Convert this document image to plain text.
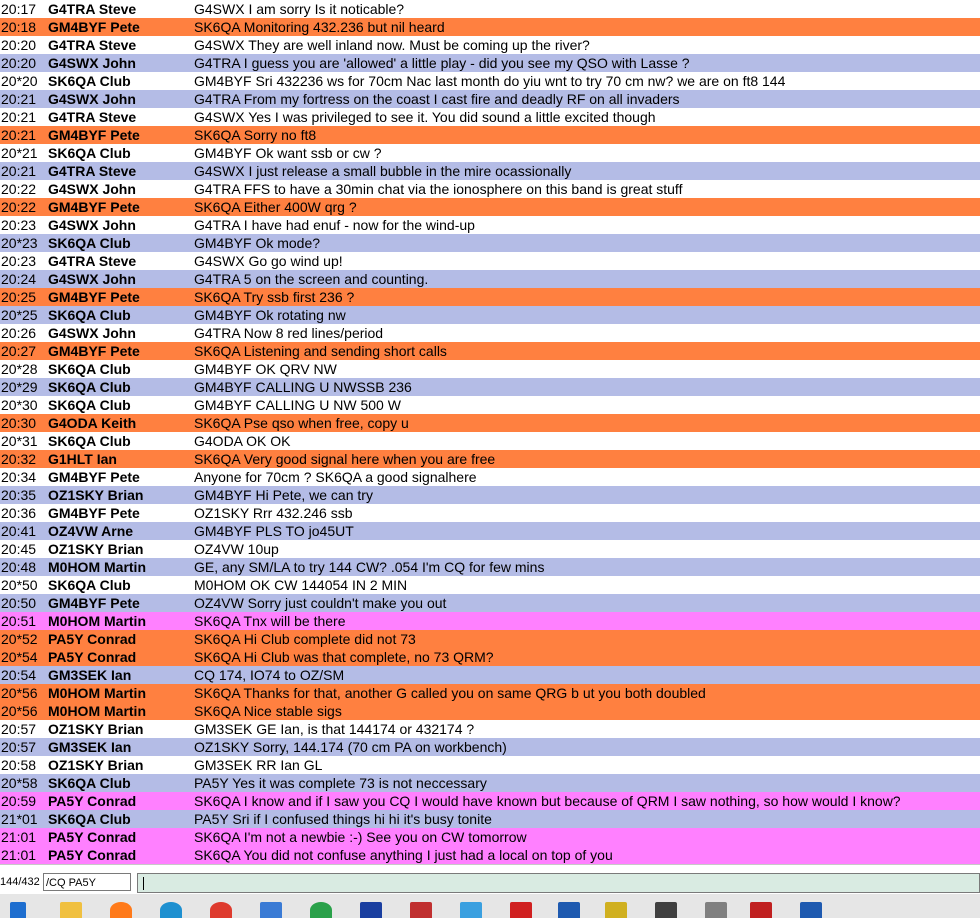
20:17 G4TRA Steve	G4SWX I am sorry Is it noticable?
20:18 GM4BYF Pete	SK6QA Monitoring 432.236 but nil heard
20:20 G4TRA Steve	G4SWX They are well inland now. Must be coming up the river?
20:20 G4SWX John	G4TRA I guess you are 'allowed' a little play - did you see my QSO with Lasse ?
20*20 SK6QA Club	GM4BYF Sri 432236 ws for 70cm Nac last month do yiu wnt to try 70 cm nw? we are on ft8 144
20:21 G4SWX John	G4TRA From my fortress on the coast I cast fire and deadly RF on all invaders
20:21 G4TRA Steve	G4SWX Yes I was privileged to see it. You did sound a little excited though
20:21 GM4BYF Pete	SK6QA Sorry no ft8
20*21 SK6QA Club	GM4BYF Ok want ssb or cw ?
20:21 G4TRA Steve	G4SWX I just release a small bubble in the mire ocassionally
20:22 G4SWX John	G4TRA FFS to have a 30min chat via the ionosphere on this band is great stuff
20:22 GM4BYF Pete	SK6QA Either 400W qrg ?
20:23 G4SWX John	G4TRA I have had enuf - now for the wind-up
20*23 SK6QA Club	GM4BYF Ok mode?
20:23 G4TRA Steve	G4SWX Go go wind up!
20:24 G4SWX John	G4TRA 5 on the screen and counting.
20:25 GM4BYF Pete	SK6QA Try ssb first 236 ?
20*25 SK6QA Club	GM4BYF Ok rotating nw
20:26 G4SWX John	G4TRA Now 8 red lines/period
20:27 GM4BYF Pete	SK6QA Listening and sending short calls
20*28 SK6QA Club	GM4BYF OK QRV NW
20*29 SK6QA Club	GM4BYF CALLING U NWSSB 236
20*30 SK6QA Club	GM4BYF CALLING U NW 500 W
20:30 G4ODA Keith	SK6QA Pse qso when free, copy u
20*31 SK6QA Club	G4ODA OK OK
20:32 G1HLT Ian	SK6QA Very good signal here when you are free
20:34 GM4BYF Pete	Anyone for 70cm ? SK6QA a good signalhere
20:35 OZ1SKY Brian	GM4BYF Hi Pete, we can try
20:36 GM4BYF Pete	OZ1SKY Rrr 432.246 ssb
20:41 OZ4VW Arne	GM4BYF PLS TO jo45UT
20:45 OZ1SKY Brian	OZ4VW 10up
20:48 M0HOM Martin	GE, any SM/LA to try 144 CW? .054 I'm CQ for few mins
20*50 SK6QA Club	M0HOM OK CW 144054 IN 2 MIN
20:50 GM4BYF Pete	OZ4VW Sorry just couldn't make you out
20:51 M0HOM Martin	SK6QA Tnx will be there
20*52 PA5Y Conrad	SK6QA Hi Club complete did not 73
20*54 PA5Y Conrad	SK6QA Hi Club was that complete, no 73 QRM?
20:54 GM3SEK Ian	CQ 174, IO74 to OZ/SM
20*56 M0HOM Martin	SK6QA Thanks for that, another G called you on same QRG b ut you both doubled
20*56 M0HOM Martin	SK6QA Nice stable sigs
20:57 OZ1SKY Brian	GM3SEK GE Ian, is that 144174 or 432174 ?
20:57 GM3SEK Ian	OZ1SKY Sorry, 144.174 (70 cm PA on workbench)
20:58 OZ1SKY Brian	GM3SEK RR Ian GL
20*58 SK6QA Club	PA5Y Yes it was complete 73 is not neccessary
20:59 PA5Y Conrad	SK6QA I know and if I saw you CQ I would have known but because of QRM I saw nothing, so how would I know?
21*01 SK6QA Club	PA5Y Sri if I confused things hi hi it's busy tonite
21:01 PA5Y Conrad	SK6QA I'm not a newbie :-) See you on CW tomorrow
21:01 PA5Y Conrad	SK6QA You did not confuse anything I just had a local on top of you
144/432 /CQ PA5Y
